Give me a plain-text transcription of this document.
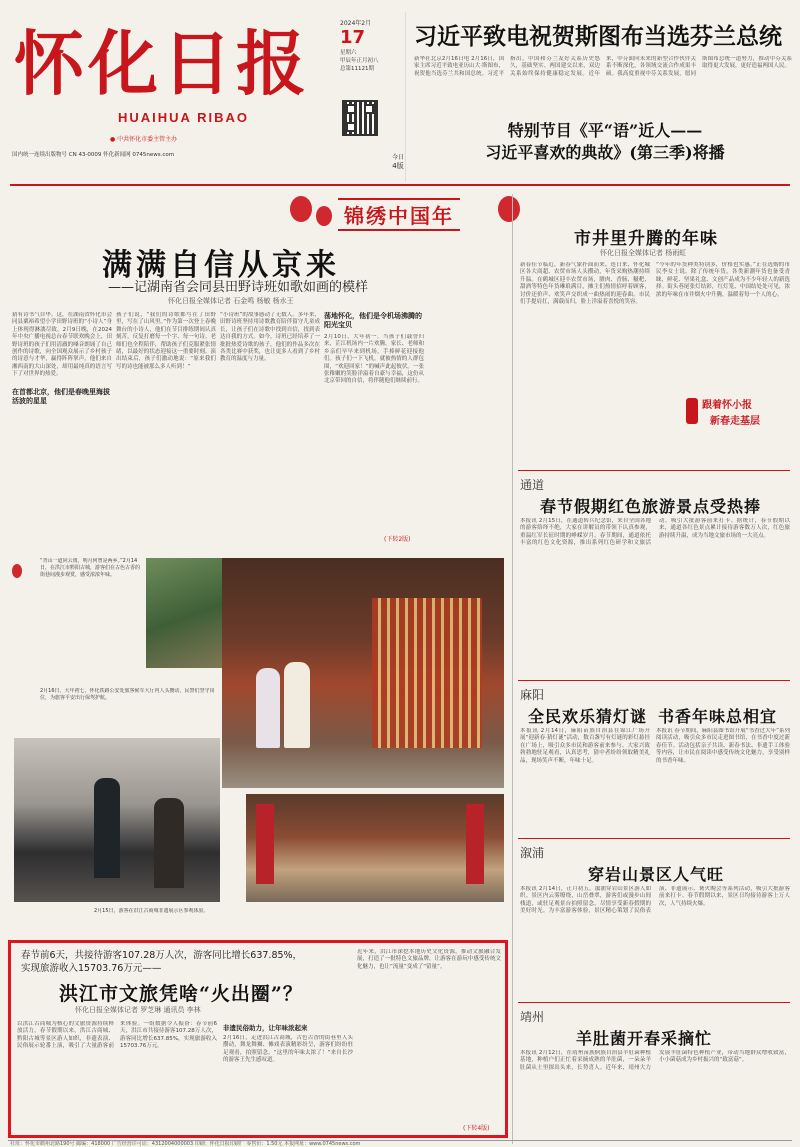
怀化日报
HUAIHUA RIBAO
● 中共怀化市委主管主办
国内统一连续出版物号 CN 43-0009 怀化新闻网 0745news.com
2024年2月
17
星期六
甲辰年正月初八
总第11121期
今日
4版
习近平致电祝贺斯图布当选芬兰总统
新华社北京2月16日电 2月16日，国家主席习近平致电亚历山大·斯图布，祝贺他当选芬兰共和国总统。习近平指出，中国和芬兰友好关系历史悠久，基础坚实。两国建交以来，双边关系始终保持健康稳定发展。近年来，中芬面向未来的新型合作伙伴关系不断深化，各领域交流合作成果丰硕。我高度重视中芬关系发展，愿同斯图布总统一道努力，推动中芬关系取得更大发展，更好造福两国人民。
特别节目《平“语”近人——
习近平喜欢的典故》(第三季)将播
锦绣中国年
满满自信从京来
——记湖南省会同县田野诗班如歌如画的模样
怀化日报全媒体记者 石金鸣 杨敏 杨水王
猜有诗书气自华。这，在湖南省怀化市会同县粟裕希望小学田野诗班的“小诗人”身上体现得淋漓尽致。2月9日晚，在2024年中央广播电视总台春节联欢晚会上，田野诗班的孩子们用清澈的嗓音朗诵了自己创作的诗歌，向全国观众展示了乡村孩子的诗意与才华，赢得阵阵掌声。他们来自湘西南的大山深处，却用最纯真的语言写下了对世界的热爱。
在首都北京，他们是春晚里海拔活波的星星
孩子们说，“我们的诗歌都写在了田野里，写在了山风里。”作为第一次登上春晚舞台的小诗人，他们在节目排练期间认真刻苦，反复打磨每一个字、每一句诗。老师们也全程陪伴，帮助孩子们克服紧张情绪，以最好的状态迎接这一重要时刻。演出结束后，孩子们激动地说：“原来我们写的诗也能被那么多人听到！”
“小诗班”的故事感动了无数人。多年来，田野诗班坚持用诗歌教育陪伴留守儿童成长，让孩子们在诗歌中找到自信，找到表达自我的方式。如今，诗班已经培养了一批批热爱诗歌的孩子，他们的作品多次在各类比赛中获奖，也让更多人看到了乡村教育的温度与力量。
荡地怀化，他们是令机场沸腾的阳光宝贝
2月10日，大年初一。当孩子们载誉归来，芷江机场内一片欢腾。家长、老师和乡亲们早早来到机场，手捧鲜花迎接他们。孩子们一下飞机，就被热情的人群包围，“欢迎回家！”的喊声此起彼伏。一张张稚嫩的笑脸洋溢着自豪与幸福，这份从北京带回的自信，将伴随他们继续前行。
(下转2版)
市井里升腾的年味
怀化日报全媒体记者 杨雨虹
新春佳节临近，新春气象扑面而来。连日来，怀化城区各大商超、农贸市场人头攒动，年货采购热潮持续升温。在鹤城区迎丰农贸市场，腊肉、香肠、糍粑、甜酒等特色年货琳琅满目，摊主们热情招呼着顾客，讨价还价声、欢笑声交织成一曲热闹的迎春曲。市民们手提肩扛，满载而归，脸上洋溢着喜悦的笑容。
“今年的年货种类特别多，价格也实惠。”正在选购的市民李女士说。除了传统年货，各类新潮年货也备受青睐，鲜花、坚果礼盒、文创产品成为不少年轻人的新选择。街头巷尾张灯结彩，红灯笼、中国结处处可见，浓浓的年味在市井烟火中升腾，温暖着每一个人的心。
跟着怀小报
新春走基层
通道
春节假期红色旅游景点受热捧
本报讯 2月15日，在通道转兵纪念馆，来自全国各地的游客络绎不绝，大家在讲解员的带领下认真参观，重温红军长征时期的峥嵘岁月。春节期间，通道依托丰富的红色文化资源，推出系列红色研学和文旅活动，吸引大批游客前来打卡。据统计，春节假期以来，通道各红色景点累计接待游客数万人次，红色旅游持续升温，成为当地文旅市场的一大亮点。
麻阳
全民欢乐猜灯谜 书香年味总相宜
本报讯 2月14日，麻阳苗族自治县在锦江广场开展“迎新春·猜灯谜”活动，数百盏写有灯谜的彩灯悬挂在广场上，吸引众多市民和游客前来参与。大家兴致勃勃地驻足观看，认真思考，猜中者纷纷领取精美礼品，现场笑声不断，年味十足。
本报讯 春节期间，麻阳县图书馆开展“书香过大年”系列阅读活动，吸引众多市民走进图书馆，在书香中度过新春佳节。活动包括亲子共读、新春书法、非遗手工体验等内容，让市民在阅读中感受传统文化魅力，享受别样的书香年味。
溆浦
穿岩山景区人气旺
本报讯 2月14日，正月初五，溆浦穿岩山景区游人如织。景区内云雾缭绕，山峦叠翠，游客们或漫步山间栈道，或驻足观景台拍照留念，尽情享受新春假期的美好时光。为丰富游客体验，景区精心策划了民俗表演、非遗展示、篝火晚会等系列活动，吸引大批游客前来打卡。春节假期以来，景区日均接待游客上万人次，人气持续火爆。
靖州
羊肚菌开春采摘忙
本报讯 2月12日，在靖州苗族侗族自治县羊肚菌种植基地，种植户们正忙着采摘成熟的羊肚菌，一朵朵羊肚菌从土里探出头来，长势喜人。近年来，靖州大力发展羊肚菌特色种植产业，带动当地群众增收致富，小小菌菇成为乡村振兴的“致富菇”。
“青山一道同云雨，明月何曾是两乡。”2月14日，在洪江市黔阳古城，游客们在古色古香的街巷间漫步观赏，感受浓浓年味。
2月16日，大年初七，怀化铁路公安处旅客候车大厅内人头攒动，民警们坚守岗位，为旅客平安出行保驾护航。
2月15日，游客在洪江古商城非遗展示区参观体验。
春节前6天，共接待游客107.28万人次，游客同比增长637.85%，
实现旅游收入15703.76万元——
洪江市文旅凭啥“火出圈”？
怀化日报全媒体记者 罗芝琳 通讯员 李林
以洪江古商城为核心的文旅资源持续释放活力，春节假期以来，洪江古商城、黔阳古城等景区游人如织，非遗表演、民俗展示轮番上演，吸引了大量游客前来体验。一组数据令人振奋：春节前6天，洪江市共接待游客107.28万人次，游客同比增长637.85%，实现旅游收入15703.76万元。
非遗民俗助力，让年味浓起来
2月16日，走进洪江古商城，古色古香的街巷里人头攒动，舞龙舞狮、傩戏表演精彩纷呈，游客们纷纷驻足观看，拍照留念。“这里的年味太浓了！”来自长沙的游客王先生感叹道。
近年来，洪江市深挖本地历史文化资源，推动文旅融合发展，打造了一批特色文旅品牌，让游客在游玩中感受传统文化魅力，也让“流量”变成了“留量”。
(下转4版)
社址：怀化市鹤州北路190号 邮编：418000 广告经营许可证：4312004000003 印刷：怀化日报印刷厂 零售价：1.50元 本报网址：www.0745news.com
